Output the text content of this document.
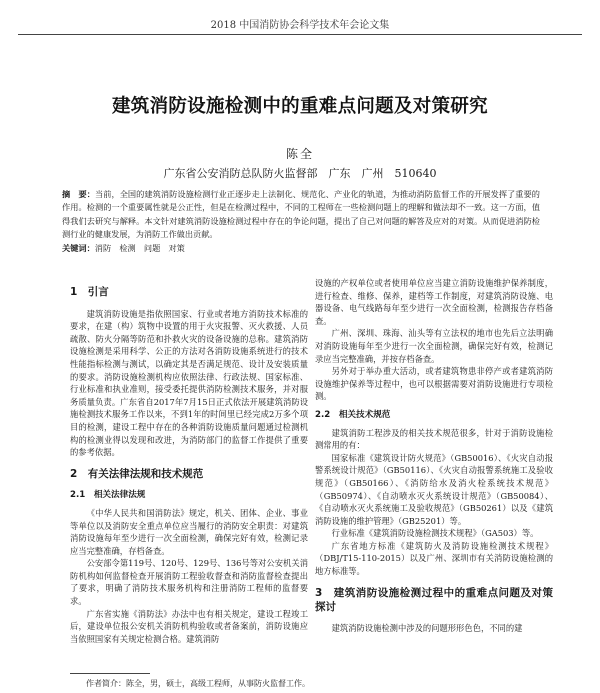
2018 中国消防协会科学技术年会论文集
建筑消防设施检测中的重难点问题及对策研究
陈全
广东省公安消防总队防火监督部　广东　广州　510640
摘　要：当前，全国的建筑消防设施检测行业正逐步走上法制化、规范化、产业化的轨道，为推动消防监督工作的开展发挥了重要的作用。检测的一个重要属性就是公正性，但是在检测过程中，不同的工程师在一些检测问题上的理解和做法却不一致。这一方面，值得我们去研究与解释。本文针对建筑消防设施检测过程中存在的争论问题，提出了自己对问题的解答及应对的对策。从而促进消防检测行业的健康发展，为消防工作做出贡献。
关键词：消防　检测　问题　对策
1　引言

建筑消防设施是指依照国家、行业或者地方消防技术标准的要求，在建（构）筑物中设置的用于火灾报警、灭火救援、人员疏散、防火分隔等防范和扑救火灾的设备设施的总称。建筑消防设施检测是采用科学、公正的方法对各消防设施系统进行的技术性能指标检测与测试，以确定其是否满足规范、设计及安装质量的要求。消防设施检测机构应依照法律、行政法规、国家标准、行业标准和执业准则，接受委托提供消防检测技术服务，并对服务质量负责。广东省自2017年7月15日正式依法开展建筑消防设施检测技术服务工作以来，不到1年的时间里已经完成2万多个项目的检测，建设工程中存在的各种消防设施质量问题通过检测机构的检测业得以发现和改进，为消防部门的监督工作提供了重要的参考依据。

2　有关法律法规和技术规范
2.1　相关法律法规

《中华人民共和国消防法》规定，机关、团体、企业、事业等单位以及消防安全重点单位应当履行的消防安全职责：对建筑消防设施每年至少进行一次全面检测，确保完好有效，检测记录应当完整准确，存档备查。

公安部令第119号、120号、129号、136号等对公安机关消防机构如何监督检查开展消防工程验收督查和消防监督检查提出了要求，明确了消防技术服务机构和注册消防工程师的监督要求。

广东省实施《消防法》办法中也有相关规定，建设工程竣工后，建设单位报公安机关消防机构验收或者备案前，消防设施应当依照国家有关规定检测合格。建筑消防

设施的产权单位或者使用单位应当建立消防设施维护保养制度，进行检查、维修、保养，建档等工作制度，对建筑消防设施、电器设备、电气线路每年至少进行一次全面检测，检测报告存档备查。

广州、深圳、珠海、汕头等有立法权的地市也先后立法明确对消防设施每年至少进行一次全面检测，确保完好有效，检测记录应当完整准确，并按存档备查。

另外对于举办重大活动，或者建筑物患非停产或者建筑消防设施维护保养等过程中，也可以根据需要对消防设施进行专项检测。

2.2　相关技术规范

建筑消防工程涉及的相关技术规范很多，针对于消防设施检测常用的有：

国家标准《建筑设计防火规范》（GB50016）、《火灾自动报警系统设计规范》（GB50116）、《火灾自动报警系统施工及验收规范》（GB50166）、《消防给水及消火栓系统技术规范》（GB50974）、《自动喷水灭火系统设计规范》（GB50084）、《自动喷水灭火系统施工及验收规范》（GB50261）以及《建筑消防设施的维护管理》（GB25201）等。

行业标准《建筑消防设施检测技术规程》（GA503）等。

广东省地方标准《建筑防火及消防设施检测技术规程》（DBJ/T15-110-2015）以及广州、深圳市有关消防设施检测的地方标准等。

3　建筑消防设施检测过程中的重难点问题及对策探讨

建筑消防设施检测中涉及的问题形形色色，不同的建

作者简介：陈全，男，硕士，高级工程师，从事防火监督工作。
